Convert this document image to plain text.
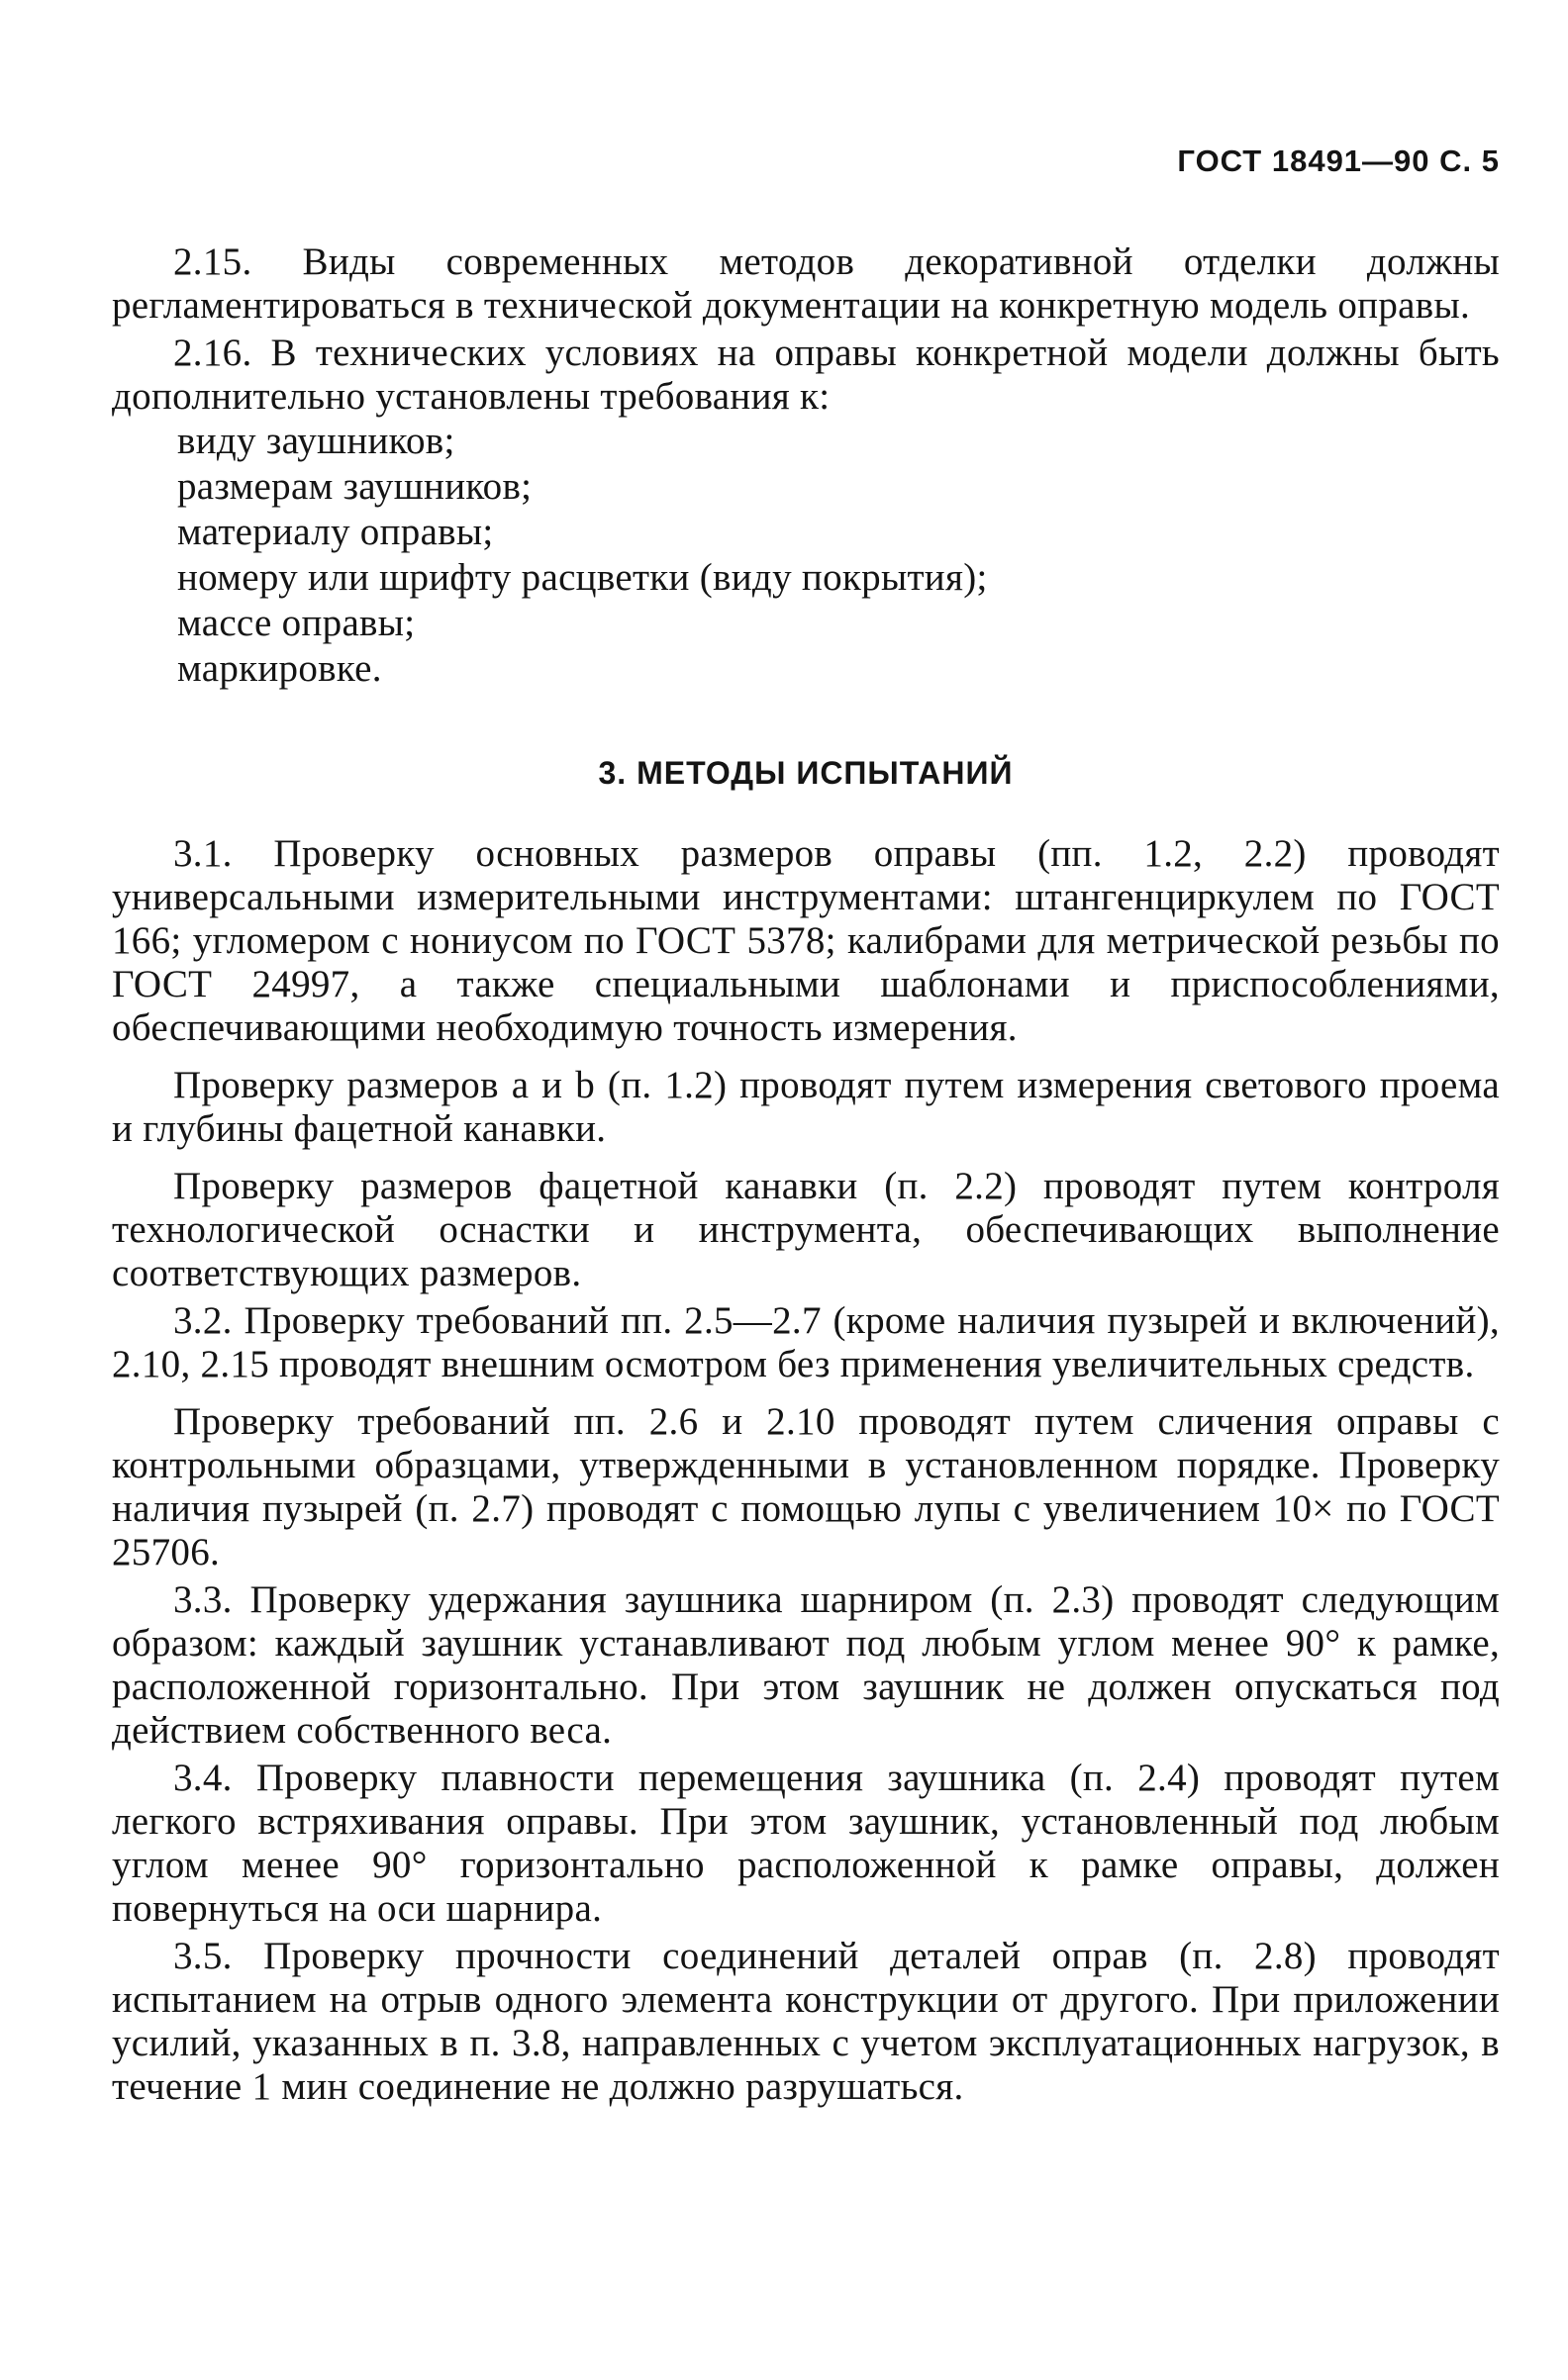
ГОСТ 18491—90 С. 5

2.15. Виды современных методов декоративной отделки должны регламентироваться в технической документации на конкретную модель оправы.

2.16. В технических условиях на оправы конкретной модели должны быть дополнительно установлены требования к:

виду заушников;
размерам заушников;
материалу оправы;
номеру или шрифту расцветки (виду покрытия);
массе оправы;
маркировке.
3. МЕТОДЫ ИСПЫТАНИЙ

3.1. Проверку основных размеров оправы (пп. 1.2, 2.2) проводят универсальными измерительными инструментами: штангенциркулем по ГОСТ 166; угломером с нониусом по ГОСТ 5378; калибрами для метрической резьбы по ГОСТ 24997, а также специальными шаблонами и приспособлениями, обеспечивающими необходимую точность измерения.

Проверку размеров a и b (п. 1.2) проводят путем измерения светового проема и глубины фацетной канавки.

Проверку размеров фацетной канавки (п. 2.2) проводят путем контроля технологической оснастки и инструмента, обеспечивающих выполнение соответствующих размеров.

3.2. Проверку требований пп. 2.5—2.7 (кроме наличия пузырей и включений), 2.10, 2.15 проводят внешним осмотром без применения увеличительных средств.

Проверку требований пп. 2.6 и 2.10 проводят путем сличения оправы с контрольными образцами, утвержденными в установленном порядке. Проверку наличия пузырей (п. 2.7) проводят с помощью лупы с увеличением 10× по ГОСТ 25706.

3.3. Проверку удержания заушника шарниром (п. 2.3) проводят следующим образом: каждый заушник устанавливают под любым углом менее 90° к рамке, расположенной горизонтально. При этом заушник не должен опускаться под действием собственного веса.

3.4. Проверку плавности перемещения заушника (п. 2.4) проводят путем легкого встряхивания оправы. При этом заушник, установленный под любым углом менее 90° горизонтально расположенной к рамке оправы, должен повернуться на оси шарнира.

3.5. Проверку прочности соединений деталей оправ (п. 2.8) проводят испытанием на отрыв одного элемента конструкции от другого. При приложении усилий, указанных в п. 3.8, направленных с учетом эксплуатационных нагрузок, в течение 1 мин соединение не должно разрушаться.
